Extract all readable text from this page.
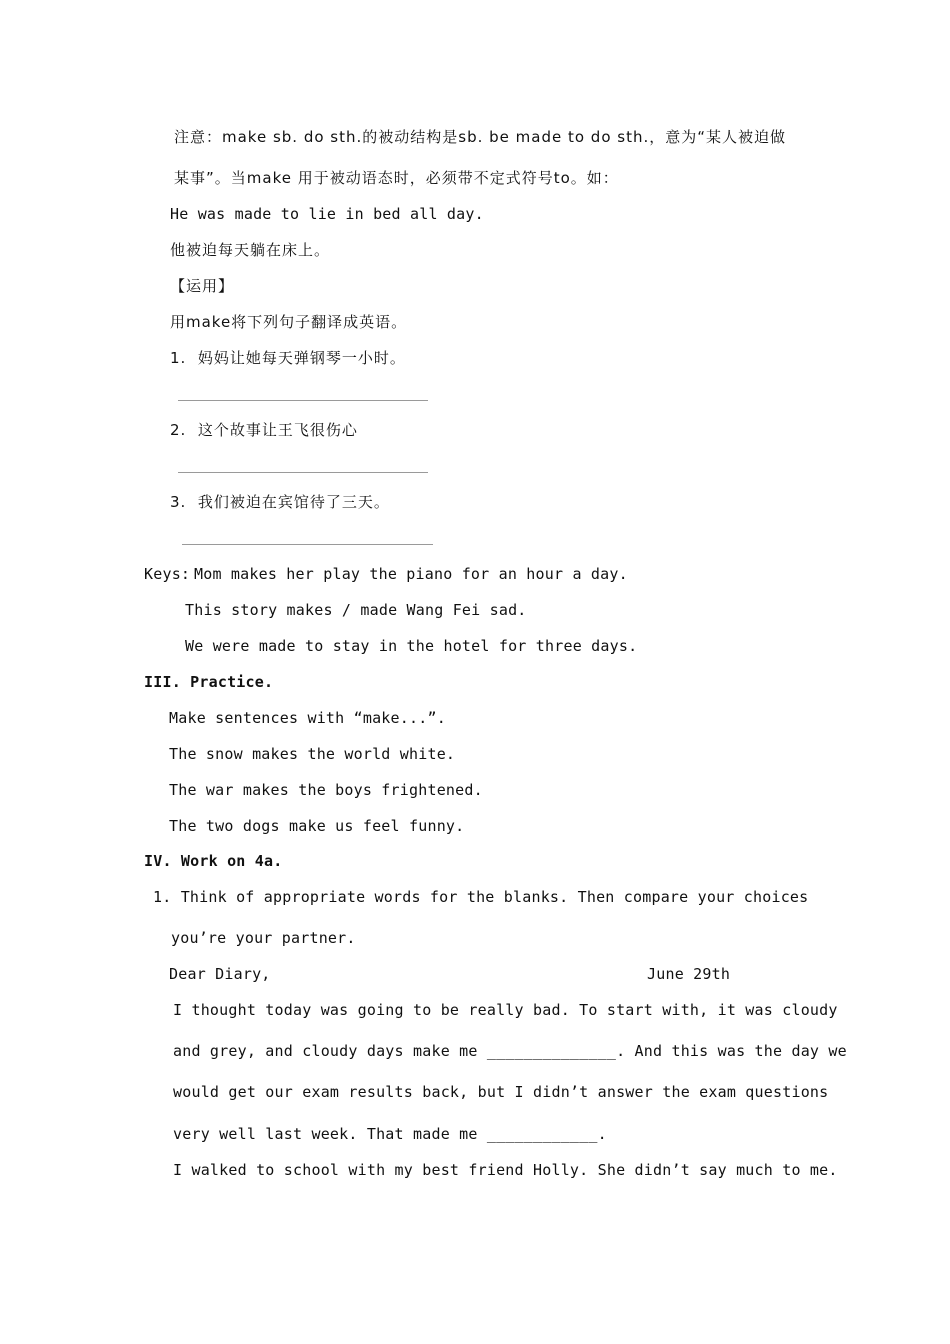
注意：make sb. do sth.的被动结构是sb. be made to do sth.，意为“某人被迫做
某事”。当make 用于被动语态时，必须带不定式符号to。如：
He was made to lie in bed all day.
他被迫每天躺在床上。
【运用】
用make将下列句子翻译成英语。
1.  妈妈让她每天弹钢琴一小时。
2.  这个故事让王飞很伤心
3.  我们被迫在宾馆待了三天。
Keys:
Mom makes her play the piano for an hour a day.
This story makes / made Wang Fei sad.
We were made to stay in the hotel for three days.
III. Practice.
Make sentences with “make...”.
The snow makes the world white.
The war makes the boys frightened.
The two dogs make us feel funny.
IV. Work on 4a.
1. Think of appropriate words for the blanks. Then compare your choices
you’re your partner.
Dear Diary,	June 29th
I thought today was going to be really bad. To start with, it was cloudy
and grey, and cloudy days make me ______________. And this was the day we
would get our exam results back, but I didn’t answer the exam questions
very well last week. That made me ____________.
I walked to school with my best friend Holly. She didn’t say much to me.
